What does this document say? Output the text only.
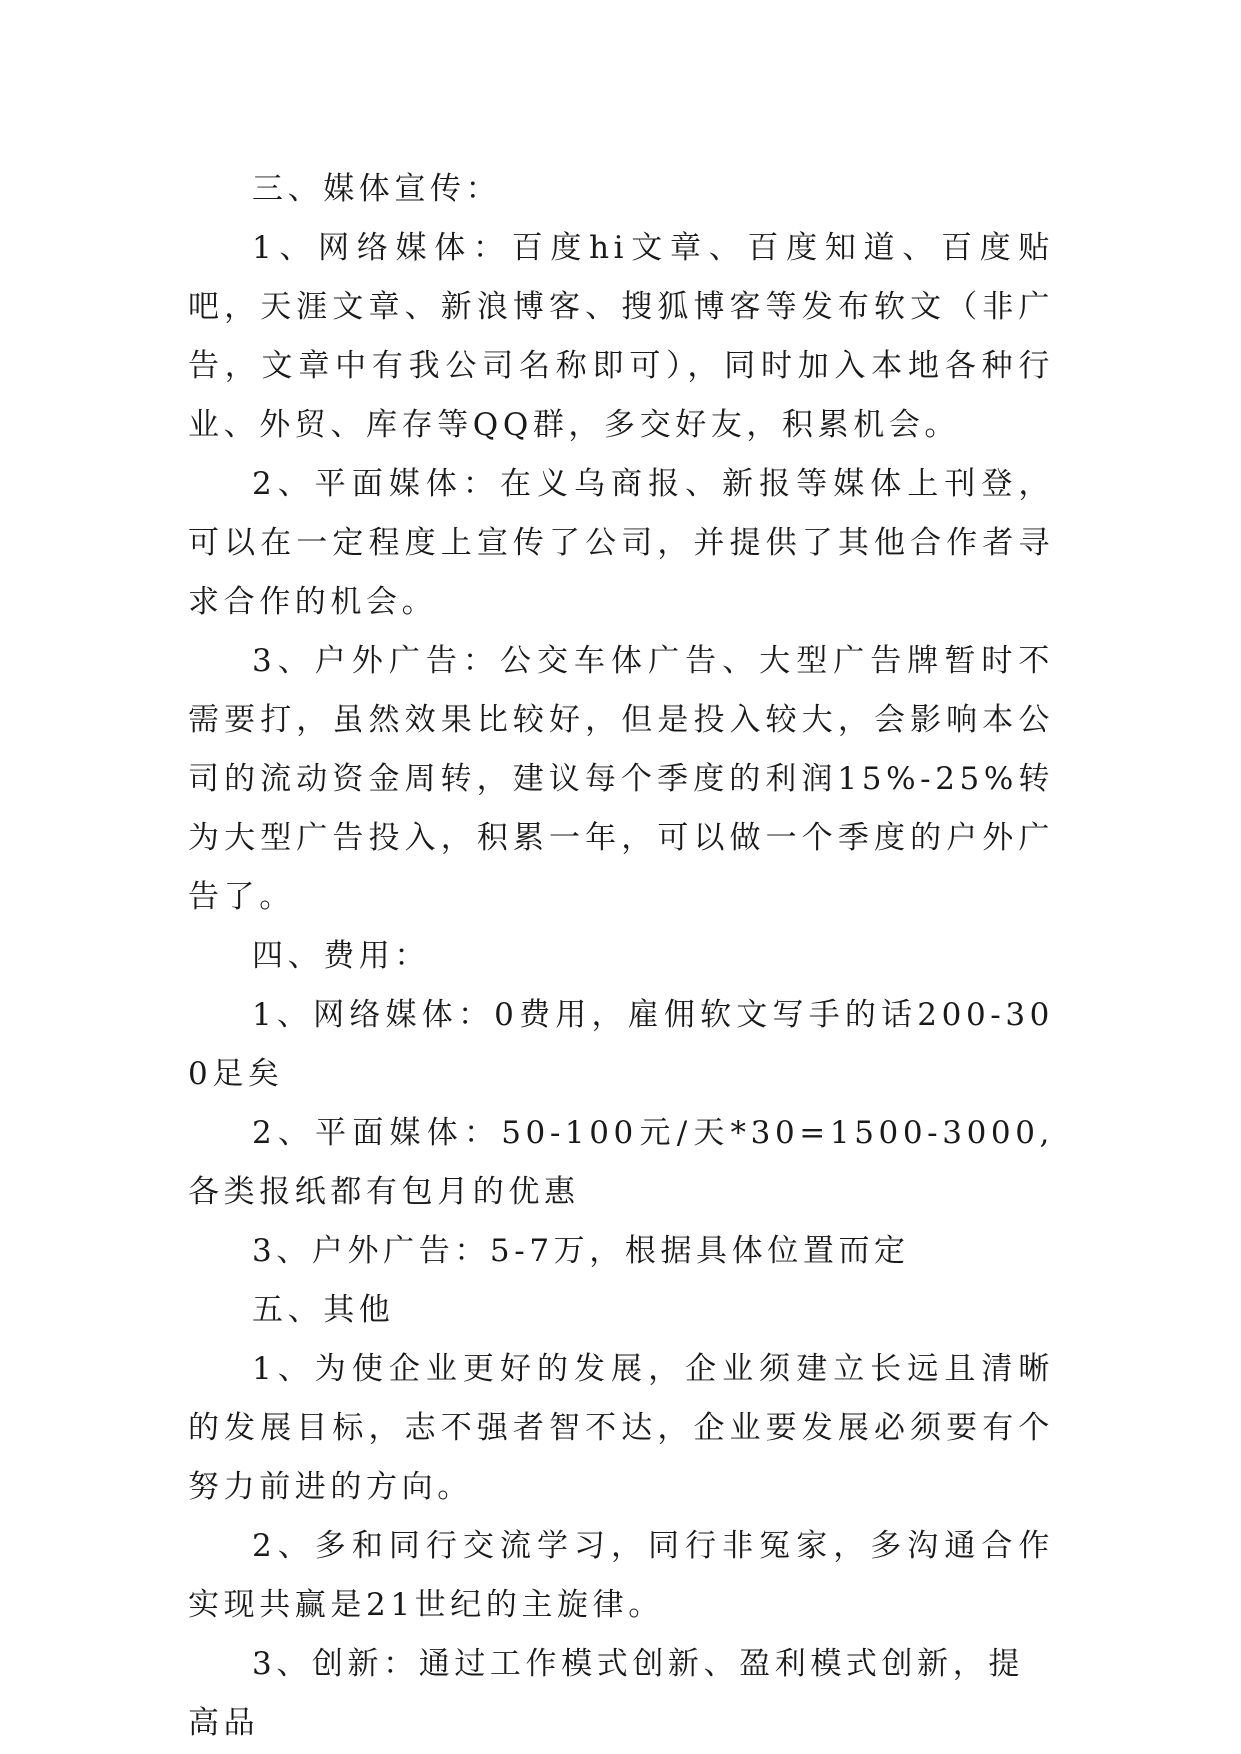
三、媒体宣传：

1、网络媒体：百度hi文章、百度知道、百度贴吧，天涯文章、新浪博客、搜狐博客等发布软文（非广告，文章中有我公司名称即可），同时加入本地各种行业、外贸、库存等QQ群，多交好友，积累机会。

2、平面媒体：在义乌商报、新报等媒体上刊登，可以在一定程度上宣传了公司，并提供了其他合作者寻求合作的机会。

3、户外广告：公交车体广告、大型广告牌暂时不需要打，虽然效果比较好，但是投入较大，会影响本公司的流动资金周转，建议每个季度的利润15%-25%转为大型广告投入，积累一年，可以做一个季度的户外广告了。

四、费用：

1、网络媒体：0费用，雇佣软文写手的话200-300足矣

2、平面媒体：50-100元/天*30=1500-3000,各类报纸都有包月的优惠

3、户外广告：5-7万，根据具体位置而定

五、其他

1、为使企业更好的发展，企业须建立长远且清晰的发展目标，志不强者智不达，企业要发展必须要有个努力前进的方向。

2、多和同行交流学习，同行非冤家，多沟通合作实现共赢是21世纪的主旋律。

3、创新：通过工作模式创新、盈利模式创新，提高品
